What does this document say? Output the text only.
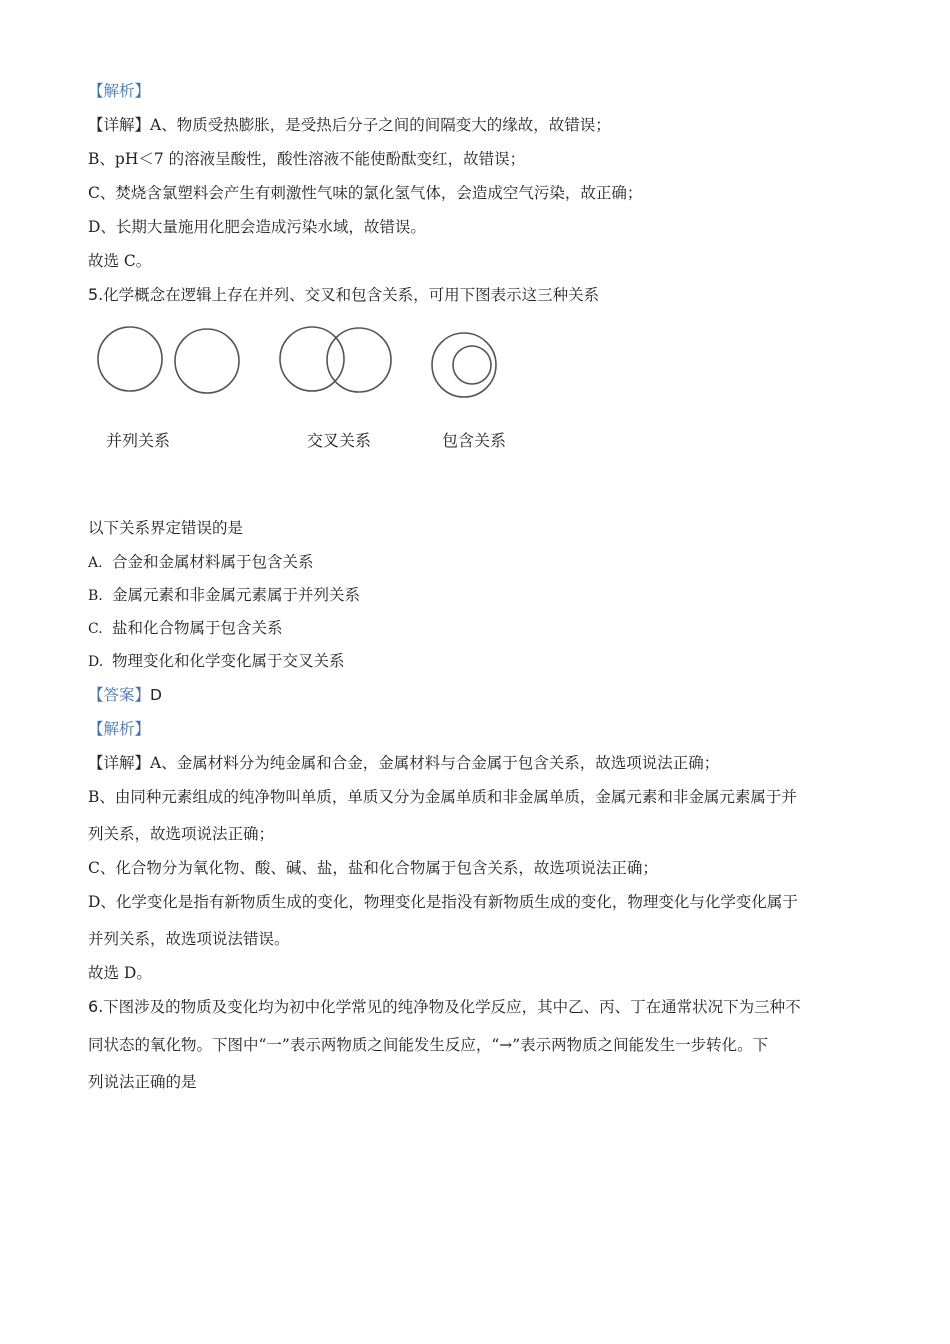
【解析】
【详解】A、物质受热膨胀，是受热后分子之间的间隔变大的缘故，故错误；
B、pH＜7 的溶液呈酸性，酸性溶液不能使酚酞变红，故错误；
C、焚烧含氯塑料会产生有刺激性气味的氯化氢气体，会造成空气污染，故正确；
D、长期大量施用化肥会造成污染水域，故错误。
故选 C。
5.化学概念在逻辑上存在并列、交叉和包含关系，可用下图表示这三种关系
并列关系	交叉关系	包含关系
以下关系界定错误的是
A. 合金和金属材料属于包含关系
B. 金属元素和非金属元素属于并列关系
C. 盐和化合物属于包含关系
D. 物理变化和化学变化属于交叉关系
【答案】D
【解析】
【详解】A、金属材料分为纯金属和合金，金属材料与合金属于包含关系，故选项说法正确；
B、由同种元素组成的纯净物叫单质，单质又分为金属单质和非金属单质，金属元素和非金属元素属于并
列关系，故选项说法正确；
C、化合物分为氧化物、酸、碱、盐，盐和化合物属于包含关系，故选项说法正确；
D、化学变化是指有新物质生成的变化，物理变化是指没有新物质生成的变化，物理变化与化学变化属于
并列关系，故选项说法错误。
故选 D。
6.下图涉及的物质及变化均为初中化学常见的纯净物及化学反应，其中乙、丙、丁在通常状况下为三种不
同状态的氧化物。下图中“一”表示两物质之间能发生反应，“→”表示两物质之间能发生一步转化。下
列说法正确的是
